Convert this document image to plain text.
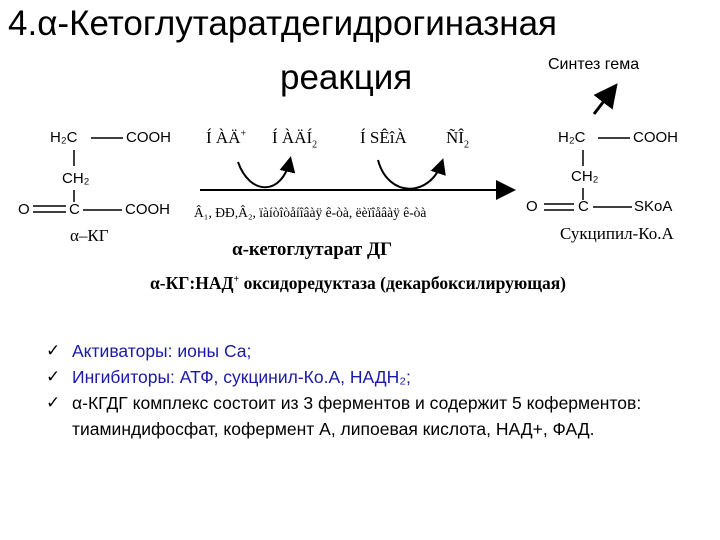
4.α-Кетоглутаратдегидрогиназная
реакция	Синтез гема
H₂C	COOH
CH₂
O	C	COOH
α–КГ
H₂C	COOH
CH₂
O	C	SKoA
Сукципил-Ко.А
Í ÀÄ+ Í $ÀÄÍ_2$	Í SÊîÀ $ÑÎ_2$
Â₁, ÐÐ,Â₂, ïàíòîòåíîâàÿ ê-òà, ëèïîåâàÿ ê-òà
α-кетоглутарат ДГ
α-КГ:НАД+ оксидоредуктаза (декарбоксилирующая)
✓ Активаторы: ионы Са;
✓ Ингибиторы: АТФ, сукцинил-Ко.А, НАДН₂;
✓ α-КГДГ комплекс состоит из 3 ферментов и содержит 5 коферментов: тиаминдифосфат, кофермент А, липоевая кислота, НАД+, ФАД.
